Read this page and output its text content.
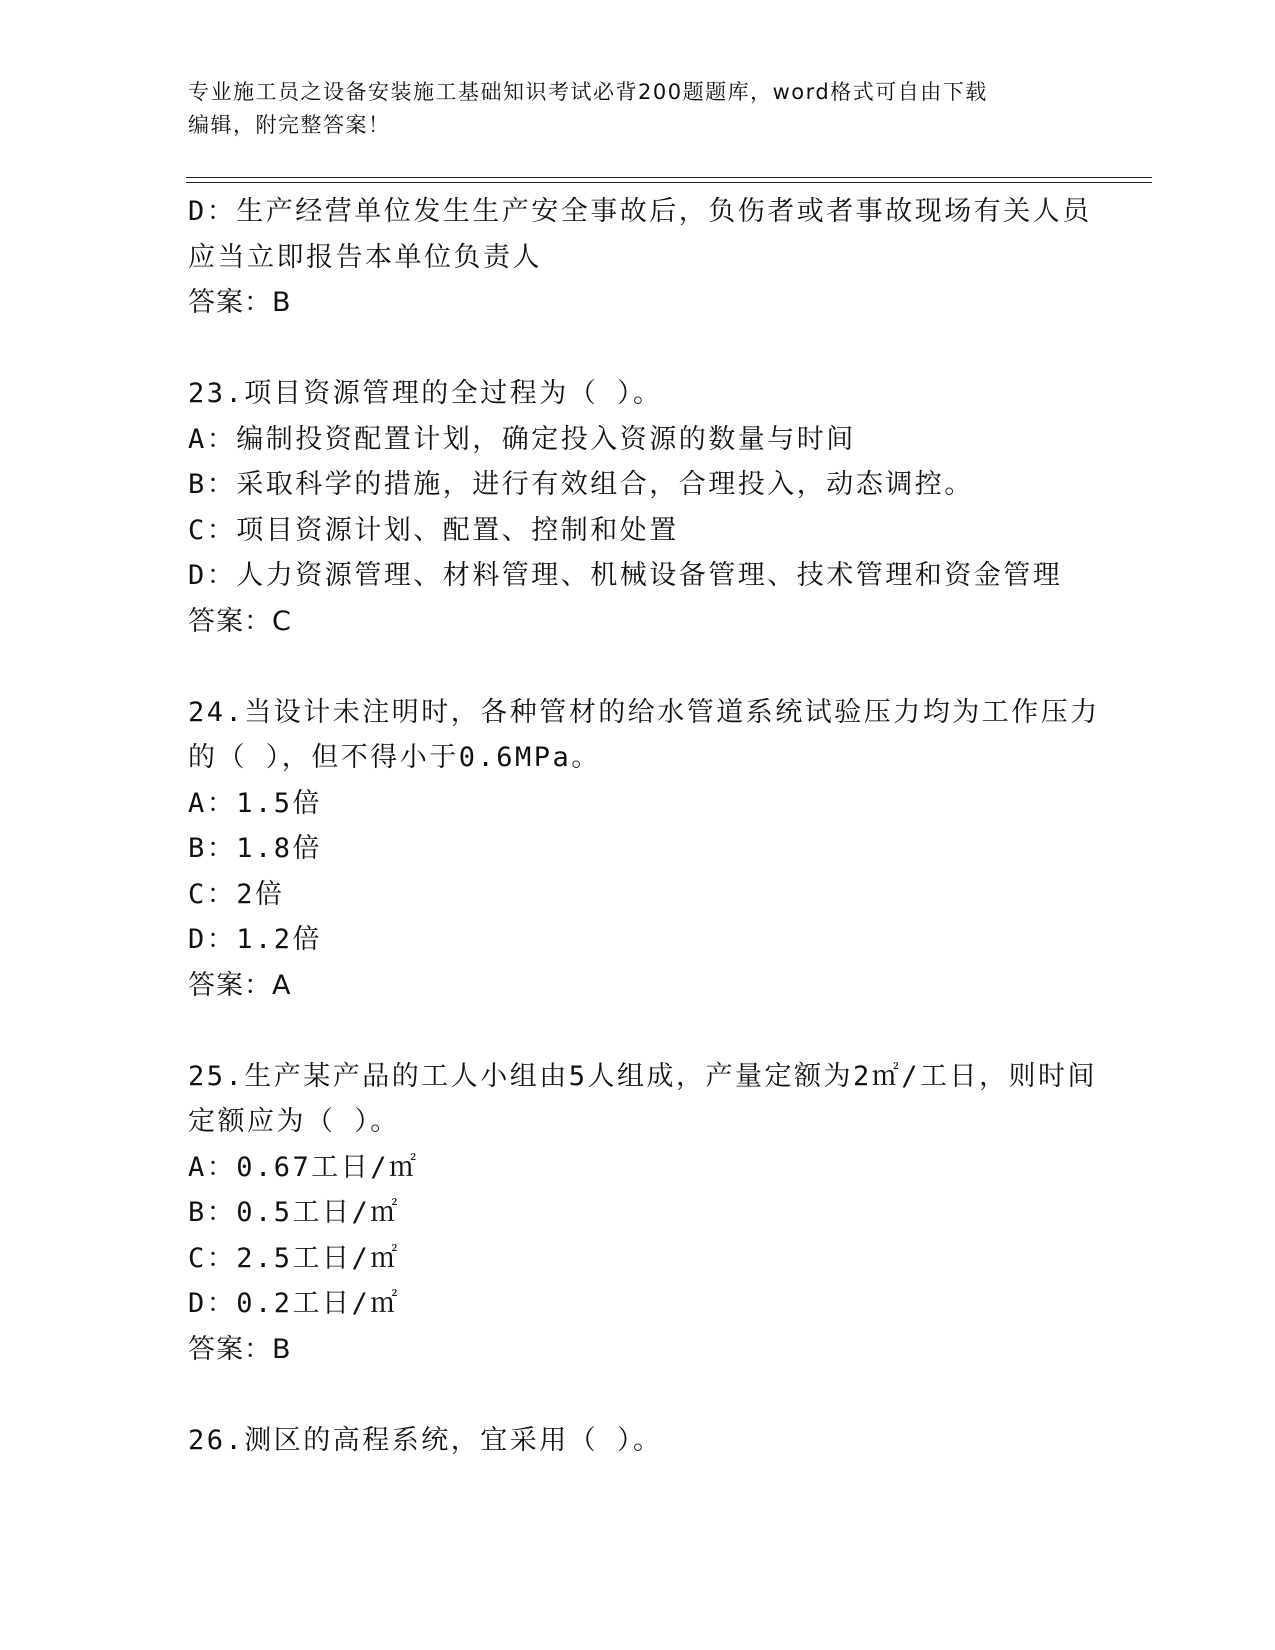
专业施工员之设备安装施工基础知识考试必背200题题库，word格式可自由下载
编辑，附完整答案！
D：生产经营单位发生生产安全事故后，负伤者或者事故现场有关人员
应当立即报告本单位负责人
答案：B
23.项目资源管理的全过程为（ ）。
A：编制投资配置计划，确定投入资源的数量与时间
B：采取科学的措施，进行有效组合，合理投入，动态调控。
C：项目资源计划、配置、控制和处置
D：人力资源管理、材料管理、机械设备管理、技术管理和资金管理
答案：C
24.当设计未注明时，各种管材的给水管道系统试验压力均为工作压力
的（ ），但不得小于0.6MPa。
A：1.5倍
B：1.8倍
C：2倍
D：1.2倍
答案：A
25.生产某产品的工人小组由5人组成，产量定额为2㎡/工日，则时间
定额应为（ ）。
A：0.67工日/㎡
B：0.5工日/㎡
C：2.5工日/㎡
D：0.2工日/㎡
答案：B
26.测区的高程系统，宜采用（ ）。
